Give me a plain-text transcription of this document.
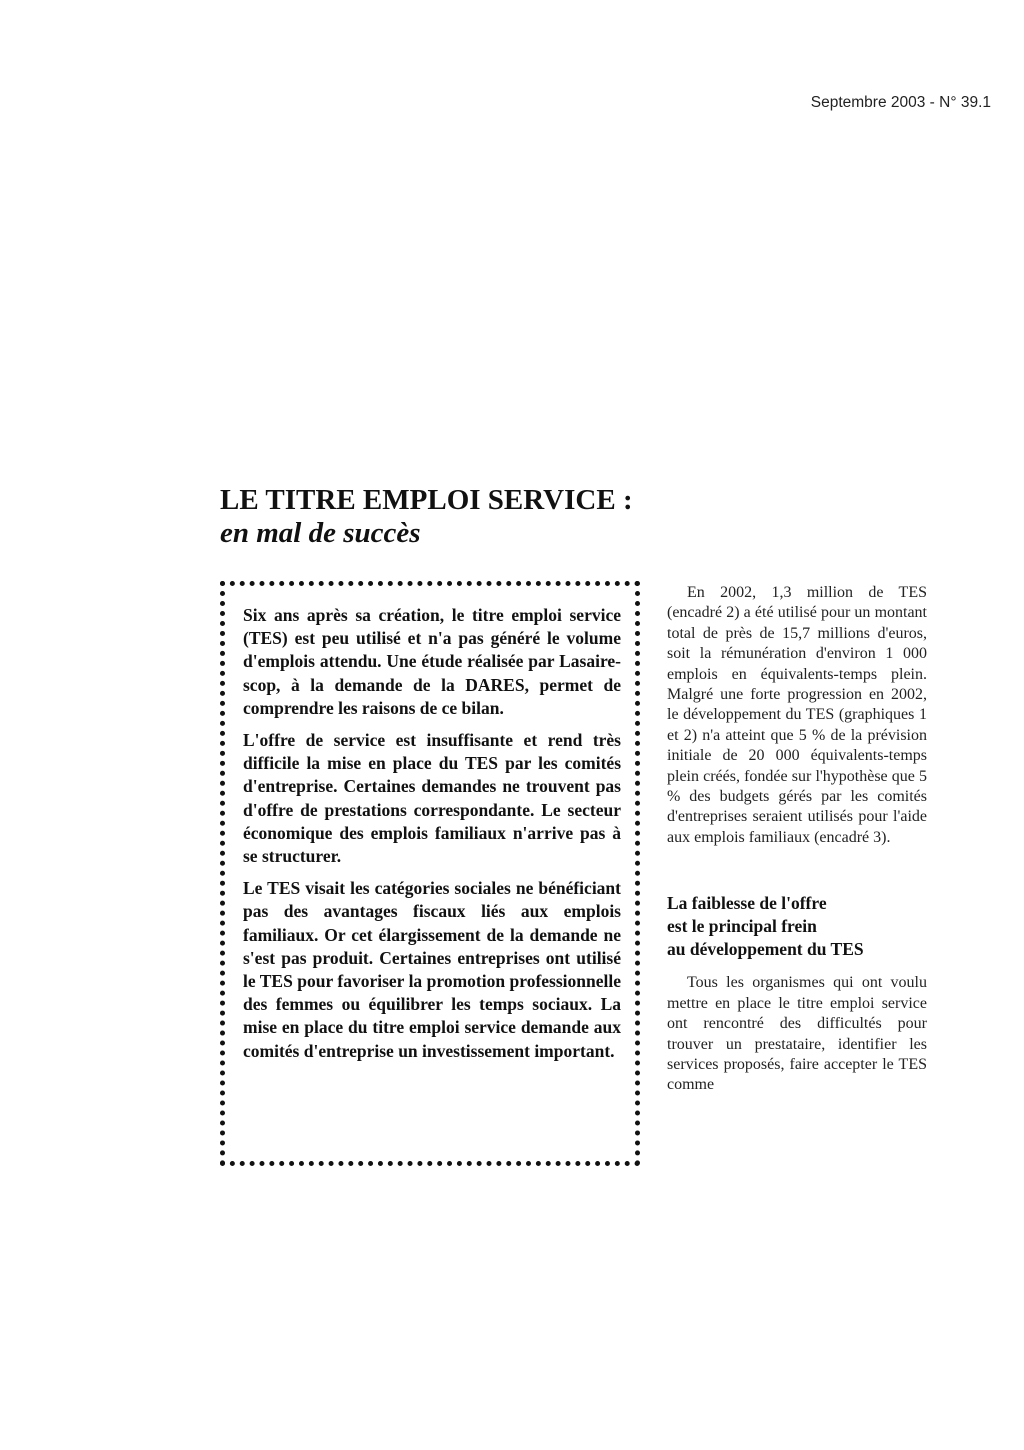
Septembre 2003 - N° 39.1
LE TITRE EMPLOI SERVICE :
en mal de succès

Six ans après sa création, le titre emploi service (TES) est peu utilisé et n'a pas généré le volume d'emplois attendu. Une étude réalisée par Lasaire-scop, à la demande de la DARES, permet de comprendre les raisons de ce bilan.

L'offre de service est insuffisante et rend très difficile la mise en place du TES par les comités d'entreprise. Certaines demandes ne trouvent pas d'offre de prestations correspondante. Le secteur économique des emplois familiaux n'arrive pas à se structurer.

Le TES visait les catégories sociales ne bénéficiant pas des avantages fiscaux liés aux emplois familiaux. Or cet élargissement de la demande ne s'est pas produit. Certaines entreprises ont utilisé le TES pour favoriser la promotion professionnelle des femmes ou équilibrer les temps sociaux. La mise en place du titre emploi service demande aux comités d'entreprise un investissement important.

En 2002, 1,3 million de TES (encadré 2) a été utilisé pour un montant total de près de 15,7 millions d'euros, soit la rémunération d'environ 1 000 emplois en équivalents-temps plein. Malgré une forte progression en 2002, le développement du TES (graphiques 1 et 2) n'a atteint que 5 % de la prévision initiale de 20 000 équivalents-temps plein créés, fondée sur l'hypothèse que 5 % des budgets gérés par les comités d'entreprises seraient utilisés pour l'aide aux emplois familiaux (encadré 3).

La faiblesse de l'offre
est le principal frein
au développement du TES

Tous les organismes qui ont voulu mettre en place le titre emploi service ont rencontré des difficultés pour trouver un prestataire, identifier les services proposés, faire accepter le TES comme
